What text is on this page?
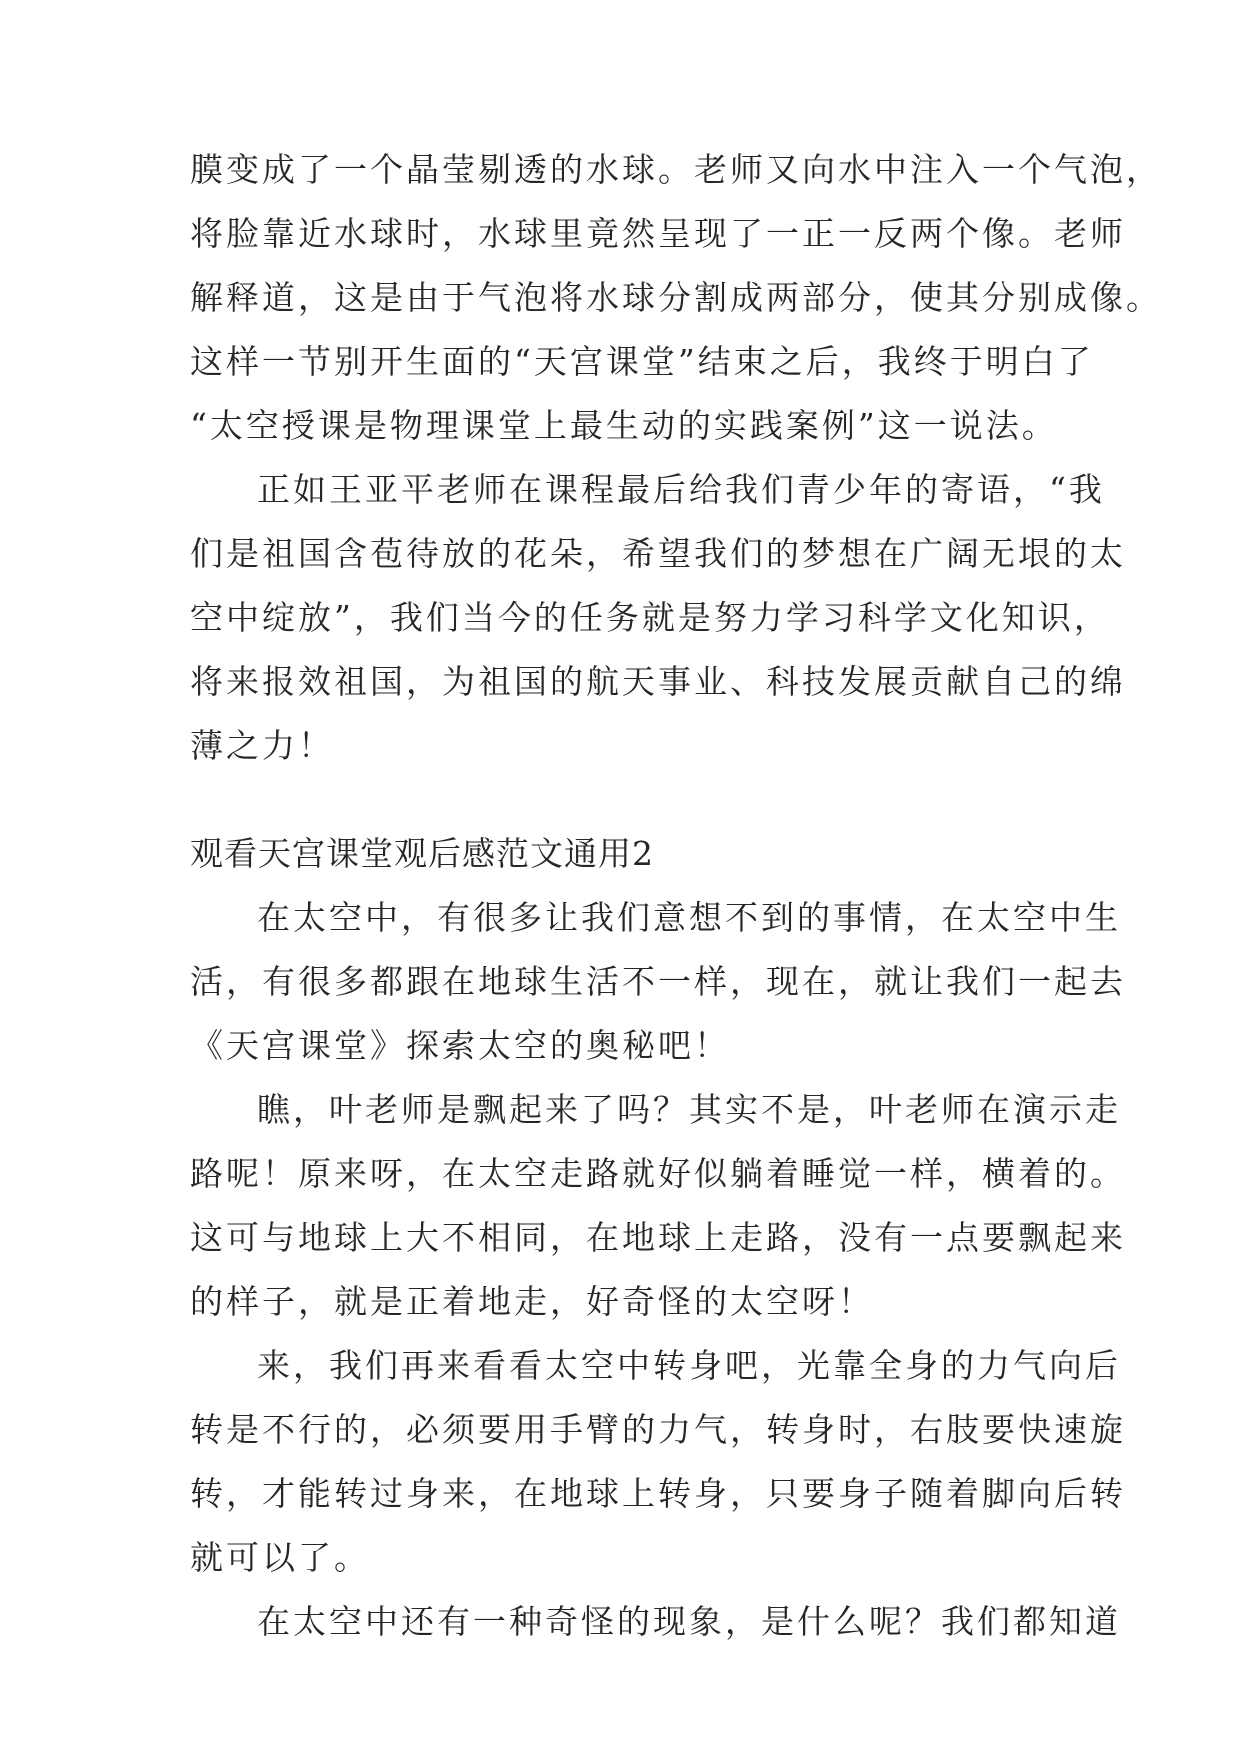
膜变成了一个晶莹剔透的水球。老师又向水中注入一个气泡，
将脸靠近水球时，水球里竟然呈现了一正一反两个像。老师
解释道，这是由于气泡将水球分割成两部分，使其分别成像。
这样一节别开生面的“天宫课堂”结束之后，我终于明白了
“太空授课是物理课堂上最生动的实践案例”这一说法。
正如王亚平老师在课程最后给我们青少年的寄语，“我
们是祖国含苞待放的花朵，希望我们的梦想在广阔无垠的太
空中绽放”，我们当今的任务就是努力学习科学文化知识，
将来报效祖国，为祖国的航天事业、科技发展贡献自己的绵
薄之力！
观看天宫课堂观后感范文通用2
在太空中，有很多让我们意想不到的事情，在太空中生
活，有很多都跟在地球生活不一样，现在，就让我们一起去
《天宫课堂》探索太空的奥秘吧！
瞧，叶老师是飘起来了吗？其实不是，叶老师在演示走
路呢！原来呀，在太空走路就好似躺着睡觉一样，横着的。
这可与地球上大不相同，在地球上走路，没有一点要飘起来
的样子，就是正着地走，好奇怪的太空呀！
来，我们再来看看太空中转身吧，光靠全身的力气向后
转是不行的，必须要用手臂的力气，转身时，右肢要快速旋
转，才能转过身来，在地球上转身，只要身子随着脚向后转
就可以了。
在太空中还有一种奇怪的现象，是什么呢？我们都知道
